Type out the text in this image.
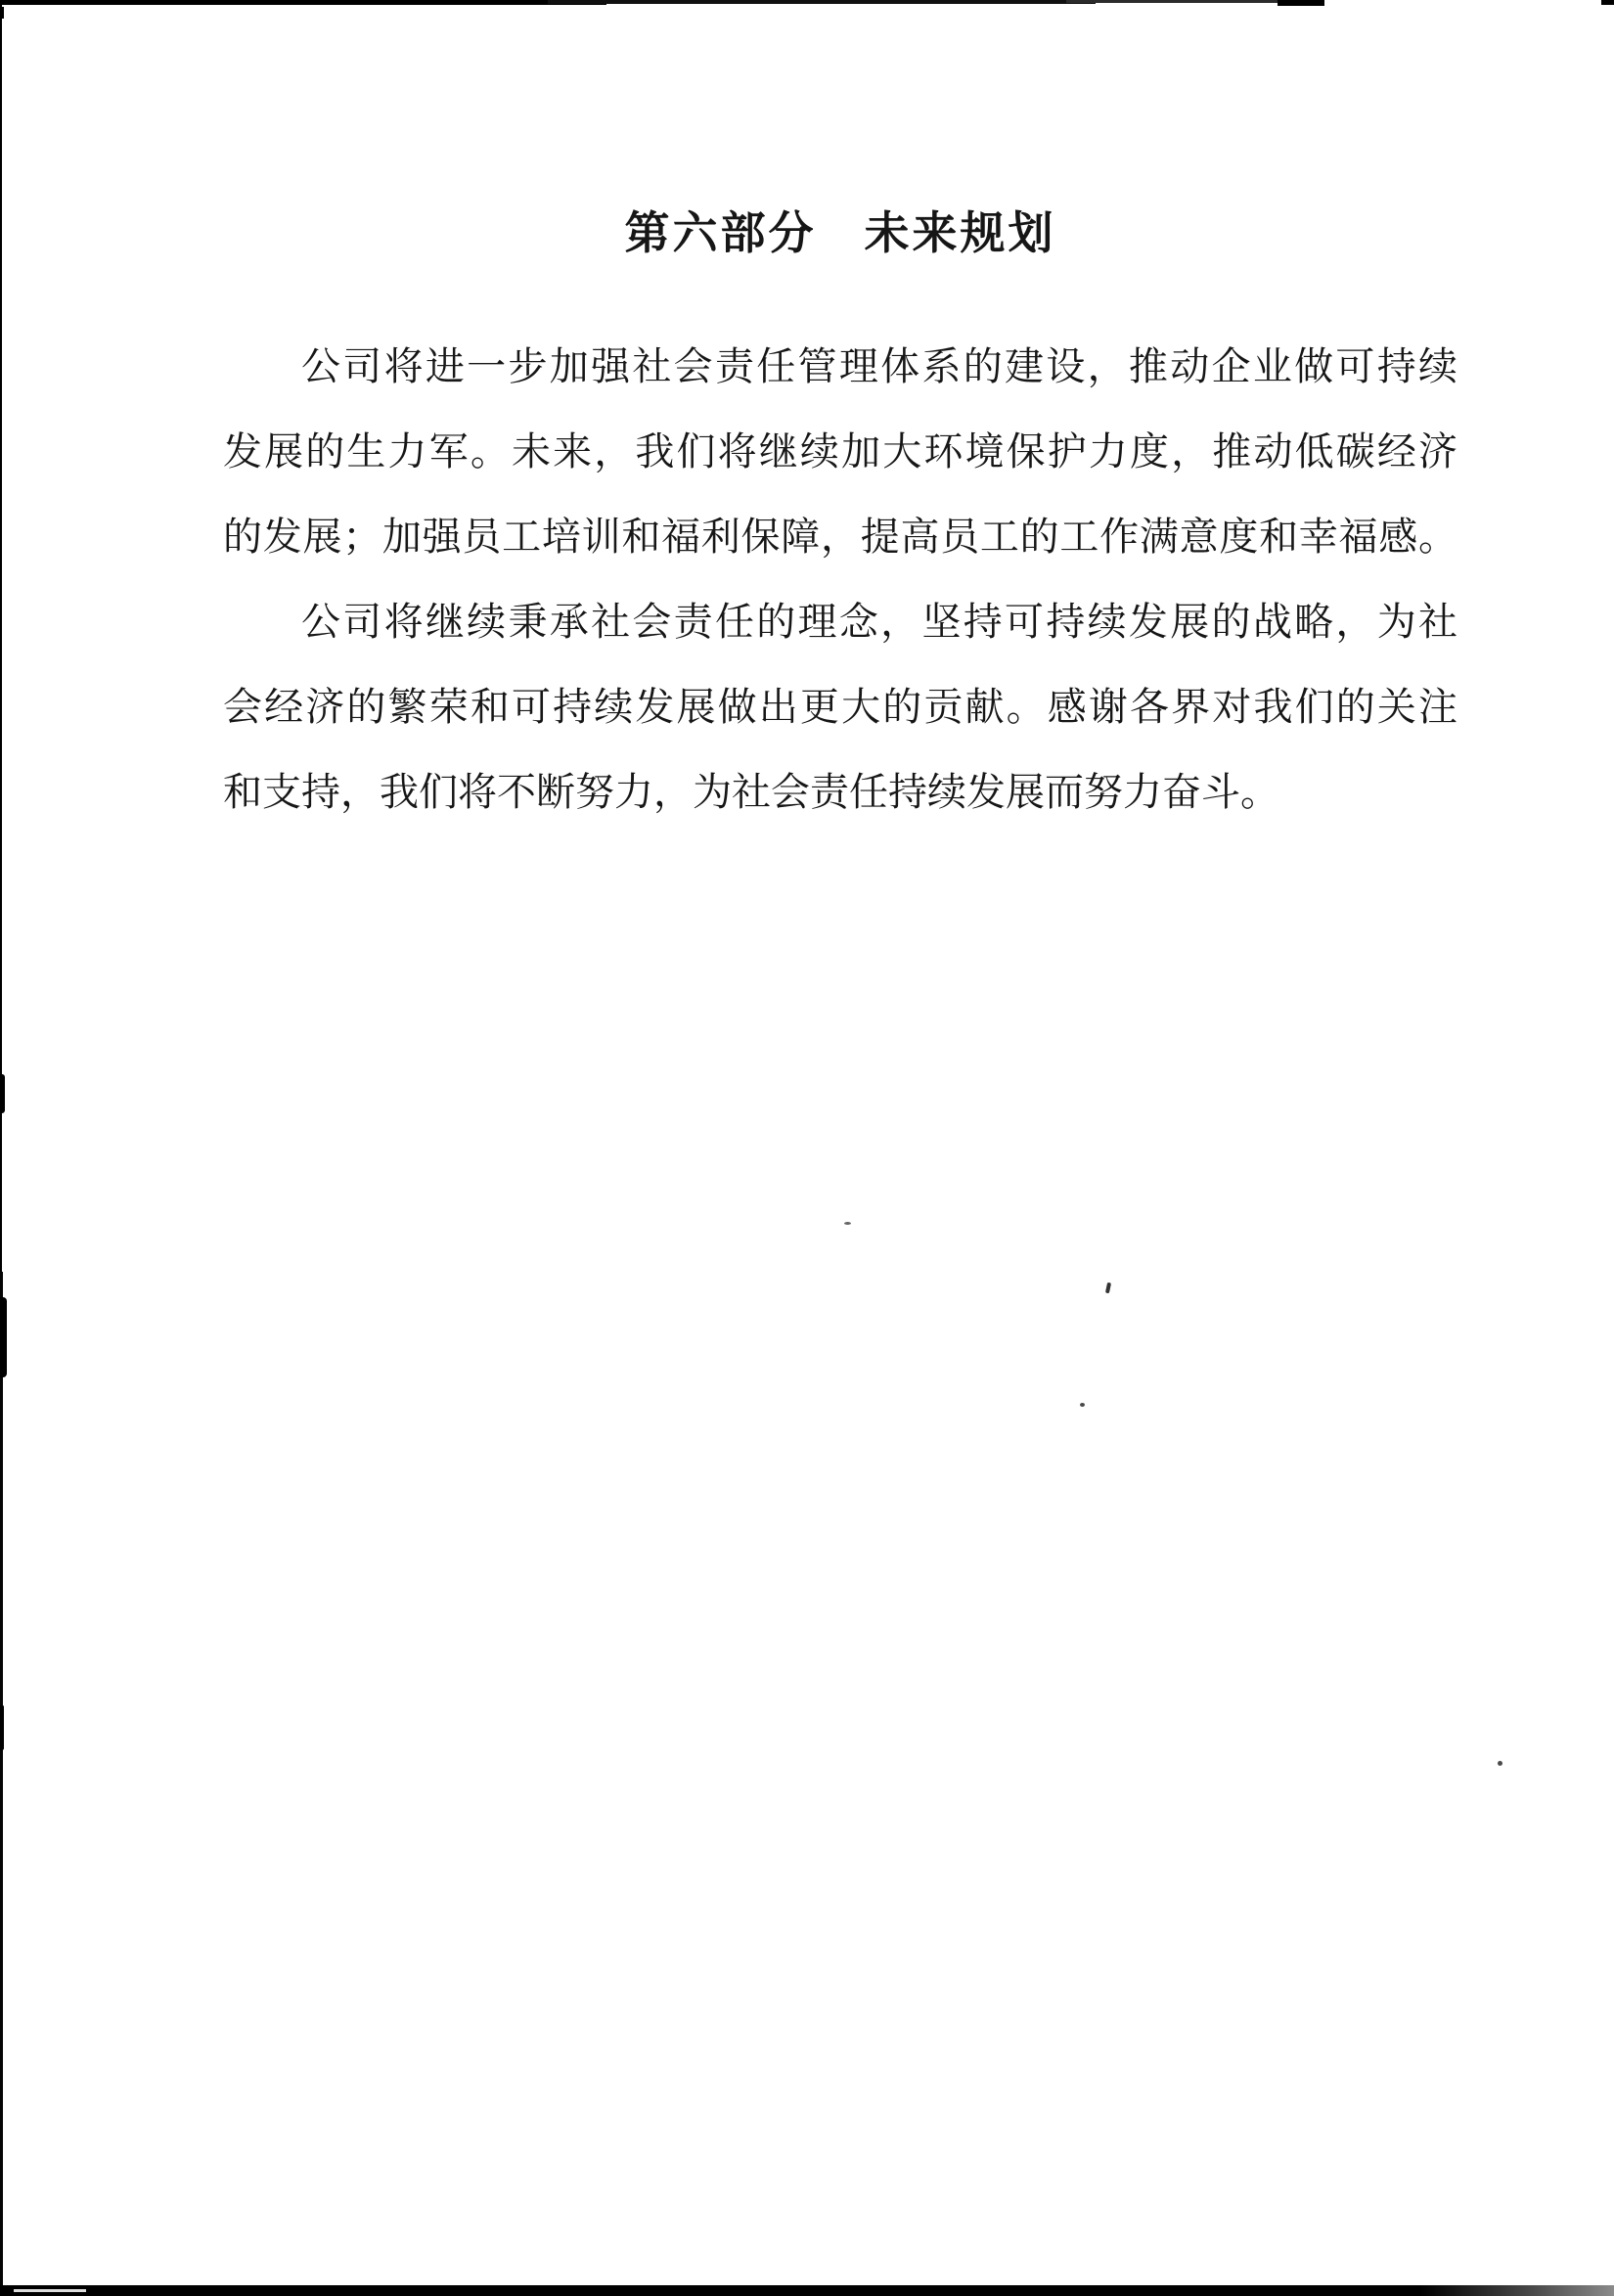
第六部分　未来规划

公司将进一步加强社会责任管理体系的建设，推动企业做可持续

发展的生力军。未来，我们将继续加大环境保护力度，推动低碳经济

的发展；加强员工培训和福利保障，提高员工的工作满意度和幸福感。

公司将继续秉承社会责任的理念，坚持可持续发展的战略，为社

会经济的繁荣和可持续发展做出更大的贡献。感谢各界对我们的关注

和支持，我们将不断努力，为社会责任持续发展而努力奋斗。
